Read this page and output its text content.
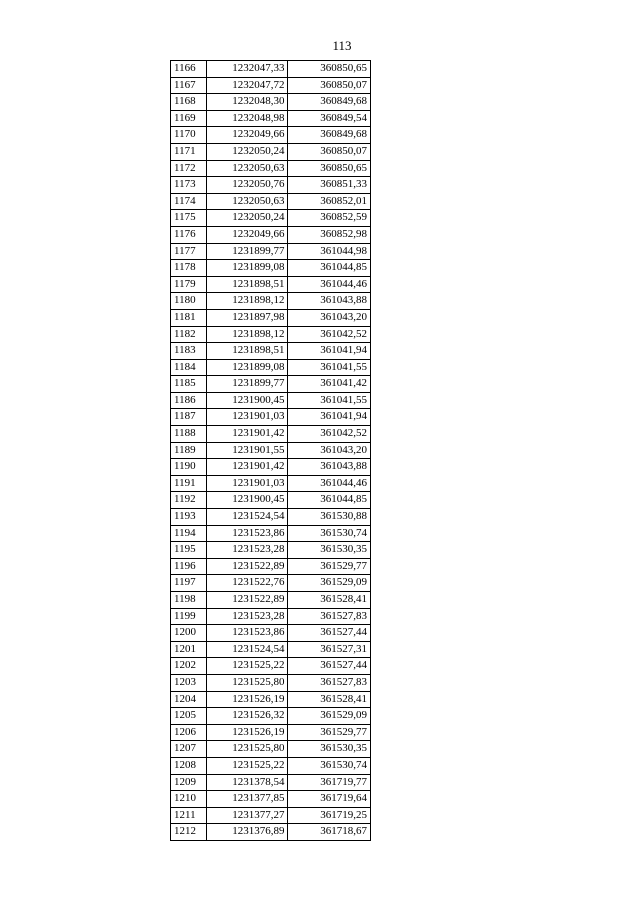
113
1166	1232047,33	360850,65
1167	1232047,72	360850,07
1168	1232048,30	360849,68
1169	1232048,98	360849,54
1170	1232049,66	360849,68
1171	1232050,24	360850,07
1172	1232050,63	360850,65
1173	1232050,76	360851,33
1174	1232050,63	360852,01
1175	1232050,24	360852,59
1176	1232049,66	360852,98
1177	1231899,77	361044,98
1178	1231899,08	361044,85
1179	1231898,51	361044,46
1180	1231898,12	361043,88
1181	1231897,98	361043,20
1182	1231898,12	361042,52
1183	1231898,51	361041,94
1184	1231899,08	361041,55
1185	1231899,77	361041,42
1186	1231900,45	361041,55
1187	1231901,03	361041,94
1188	1231901,42	361042,52
1189	1231901,55	361043,20
1190	1231901,42	361043,88
1191	1231901,03	361044,46
1192	1231900,45	361044,85
1193	1231524,54	361530,88
1194	1231523,86	361530,74
1195	1231523,28	361530,35
1196	1231522,89	361529,77
1197	1231522,76	361529,09
1198	1231522,89	361528,41
1199	1231523,28	361527,83
1200	1231523,86	361527,44
1201	1231524,54	361527,31
1202	1231525,22	361527,44
1203	1231525,80	361527,83
1204	1231526,19	361528,41
1205	1231526,32	361529,09
1206	1231526,19	361529,77
1207	1231525,80	361530,35
1208	1231525,22	361530,74
1209	1231378,54	361719,77
1210	1231377,85	361719,64
1211	1231377,27	361719,25
1212	1231376,89	361718,67
